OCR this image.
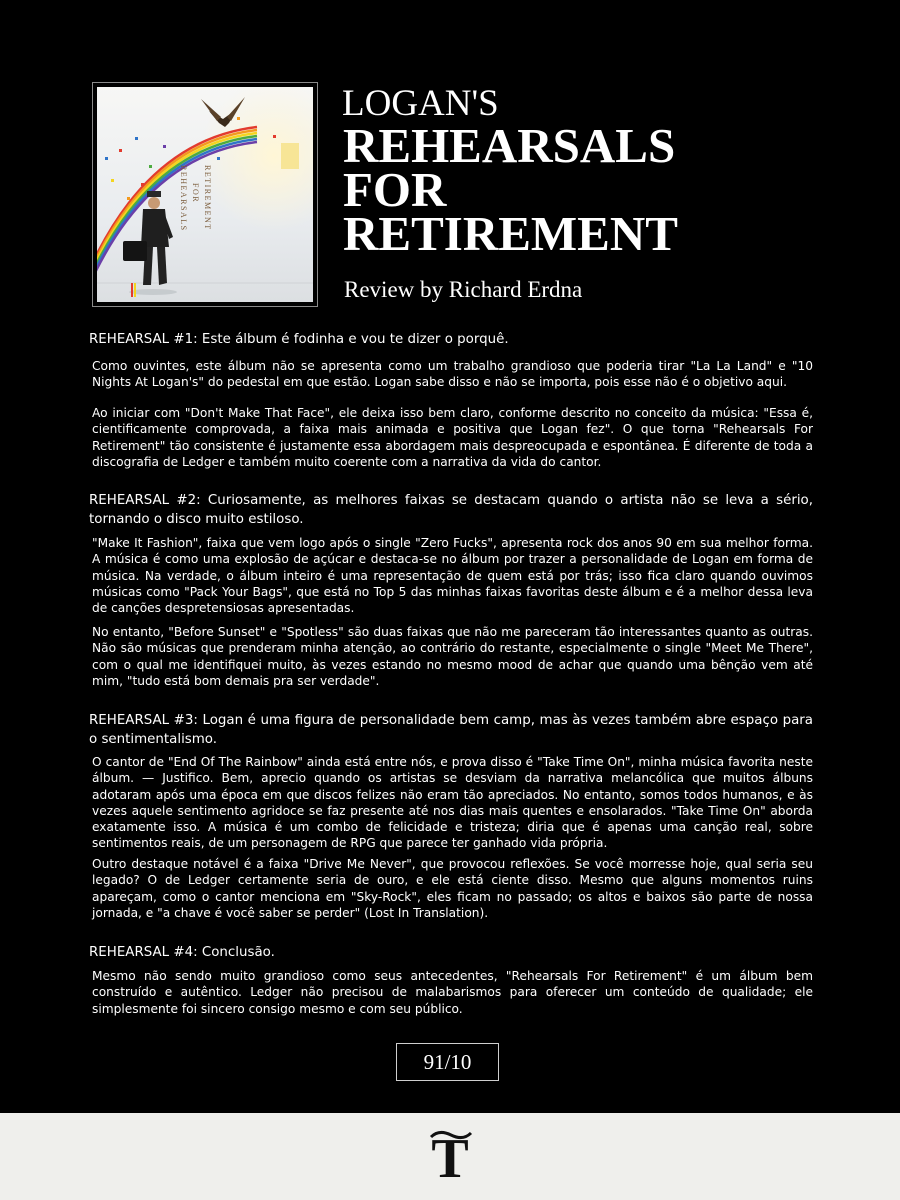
REHEARSALS FOR RETIREMENT
LOGAN'S
REHEARSALS
FOR
RETIREMENT
Review by Richard Erdna
REHEARSAL #1: Este álbum é fodinha e vou te dizer o porquê.

Como ouvintes, este álbum não se apresenta como um trabalho grandioso que poderia tirar "La La Land" e "10 Nights At Logan's" do pedestal em que estão. Logan sabe disso e não se importa, pois esse não é o objetivo aqui.

Ao iniciar com "Don't Make That Face", ele deixa isso bem claro, conforme descrito no conceito da música: "Essa é, cientificamente comprovada, a faixa mais animada e positiva que Logan fez". O que torna "Rehearsals For Retirement" tão consistente é justamente essa abordagem mais despreocupada e espontânea. É diferente de toda a discografia de Ledger e também muito coerente com a narrativa da vida do cantor.

REHEARSAL #2: Curiosamente, as melhores faixas se destacam quando o artista não se leva a sério, tornando o disco muito estiloso.

"Make It Fashion", faixa que vem logo após o single "Zero Fucks", apresenta rock dos anos 90 em sua melhor forma. A música é como uma explosão de açúcar e destaca-se no álbum por trazer a personalidade de Logan em forma de música. Na verdade, o álbum inteiro é uma representação de quem está por trás; isso fica claro quando ouvimos músicas como "Pack Your Bags", que está no Top 5 das minhas faixas favoritas deste álbum e é a melhor dessa leva de canções despretensiosas apresentadas.

No entanto, "Before Sunset" e "Spotless" são duas faixas que não me pareceram tão interessantes quanto as outras. Não são músicas que prenderam minha atenção, ao contrário do restante, especialmente o single "Meet Me There", com o qual me identifiquei muito, às vezes estando no mesmo mood de achar que quando uma bênção vem até mim, "tudo está bom demais pra ser verdade".

REHEARSAL #3: Logan é uma figura de personalidade bem camp, mas às vezes também abre espaço para o sentimentalismo.

O cantor de "End Of The Rainbow" ainda está entre nós, e prova disso é "Take Time On", minha música favorita neste álbum. — Justifico. Bem, aprecio quando os artistas se desviam da narrativa melancólica que muitos álbuns adotaram após uma época em que discos felizes não eram tão apreciados. No entanto, somos todos humanos, e às vezes aquele sentimento agridoce se faz presente até nos dias mais quentes e ensolarados. "Take Time On" aborda exatamente isso. A música é um combo de felicidade e tristeza; diria que é apenas uma canção real, sobre sentimentos reais, de um personagem de RPG que parece ter ganhado vida própria.

Outro destaque notável é a faixa "Drive Me Never", que provocou reflexões. Se você morresse hoje, qual seria seu legado? O de Ledger certamente seria de ouro, e ele está ciente disso. Mesmo que alguns momentos ruins apareçam, como o cantor menciona em "Sky-Rock", eles ficam no passado; os altos e baixos são parte de nossa jornada, e "a chave é você saber se perder" (Lost In Translation).

REHEARSAL #4: Conclusão.

Mesmo não sendo muito grandioso como seus antecedentes, "Rehearsals For Retirement" é um álbum bem construído e autêntico. Ledger não precisou de malabarismos para oferecer um conteúdo de qualidade; ele simplesmente foi sincero consigo mesmo e com seu público.

91/10
T
